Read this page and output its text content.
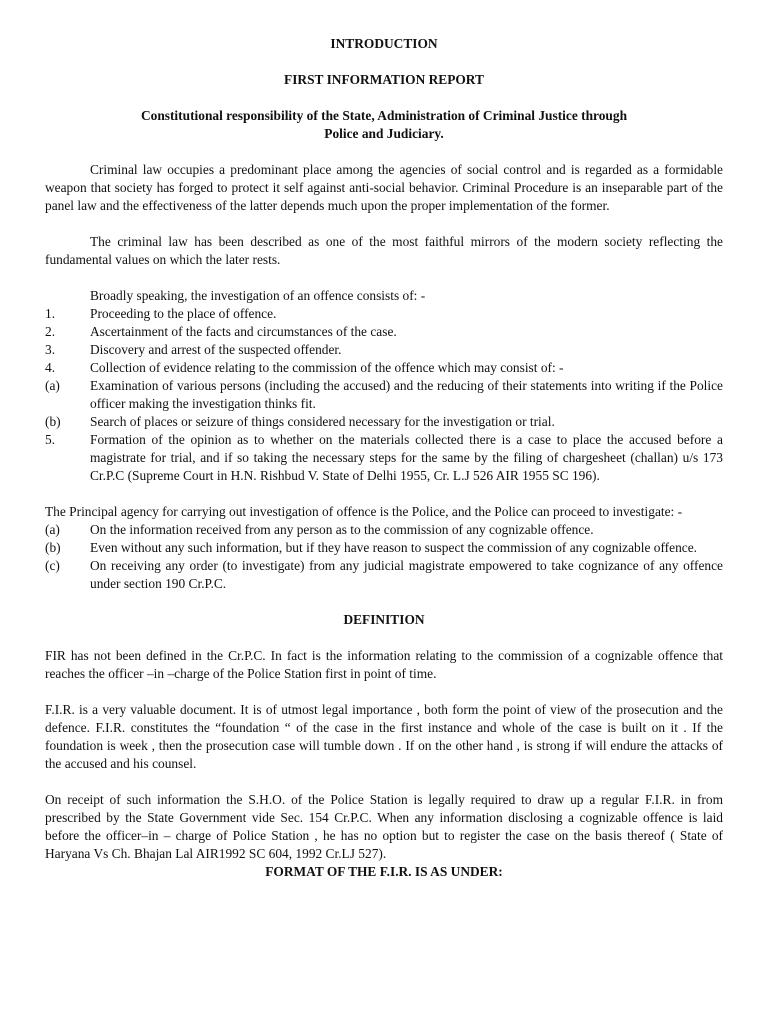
INTRODUCTION
FIRST INFORMATION REPORT
Constitutional responsibility of the State, Administration of Criminal Justice through
Police and Judiciary.

Criminal law occupies a predominant place among the agencies of social control and is regarded as a formidable weapon that society has forged to protect it self against anti-social behavior. Criminal Procedure is an inseparable part of the panel law and the effectiveness of the latter depends much upon the proper implementation of the former.

The criminal law has been described as one of the most faithful mirrors of the modern society reflecting the fundamental values on which the later rests.

Broadly speaking, the investigation of an offence consists of: -

1.	Proceeding to the place of offence.
2.	Ascertainment of the facts and circumstances of the case.
3.	Discovery and arrest of the suspected offender.
4.	Collection of evidence relating to the commission of the offence which may consist of: -
(a)	Examination of various persons (including the accused) and the reducing of their statements into writing if the Police officer making the investigation thinks fit.
(b)	Search of places or seizure of things considered necessary for the investigation or trial.
5.	Formation of the opinion as to whether on the materials collected there is a case to place the accused before a magistrate for trial, and if so taking the necessary steps for the same by the filing of chargesheet (challan) u/s 173 Cr.P.C (Supreme Court in H.N. Rishbud V. State of Delhi 1955, Cr. L.J 526 AIR 1955 SC 196).

The Principal agency for carrying out investigation of offence is the Police, and the Police can proceed to investigate: -

(a)	On the information received from any person as to the commission of any cognizable offence.
(b)	Even without any such information, but if they have reason to suspect the commission of any cognizable offence.
(c)	On receiving any order (to investigate) from any judicial magistrate empowered to take cognizance of any offence under section 190 Cr.P.C.
DEFINITION

FIR has not been defined in the Cr.P.C. In fact is the information relating to the commission of a cognizable offence that reaches the officer –in –charge of the Police Station first in point of time.

F.I.R. is a very valuable document. It is of utmost legal importance , both form the point of view of the prosecution and the defence. F.I.R. constitutes the “foundation “ of the case in the first instance and whole of the case is built on it . If the foundation is week , then the prosecution case will tumble down . If on the other hand , is strong if will endure the attacks of the accused and his counsel.

On receipt of such information the S.H.O. of the Police Station is legally required to draw up a regular F.I.R. in from prescribed by the State Government vide Sec. 154 Cr.P.C. When any information disclosing a cognizable offence is laid before the officer–in – charge of Police Station , he has no option but to register the case on the basis thereof ( State of Haryana Vs Ch. Bhajan Lal AIR1992 SC 604, 1992 Cr.LJ 527).

FORMAT OF THE F.I.R. IS AS UNDER:
